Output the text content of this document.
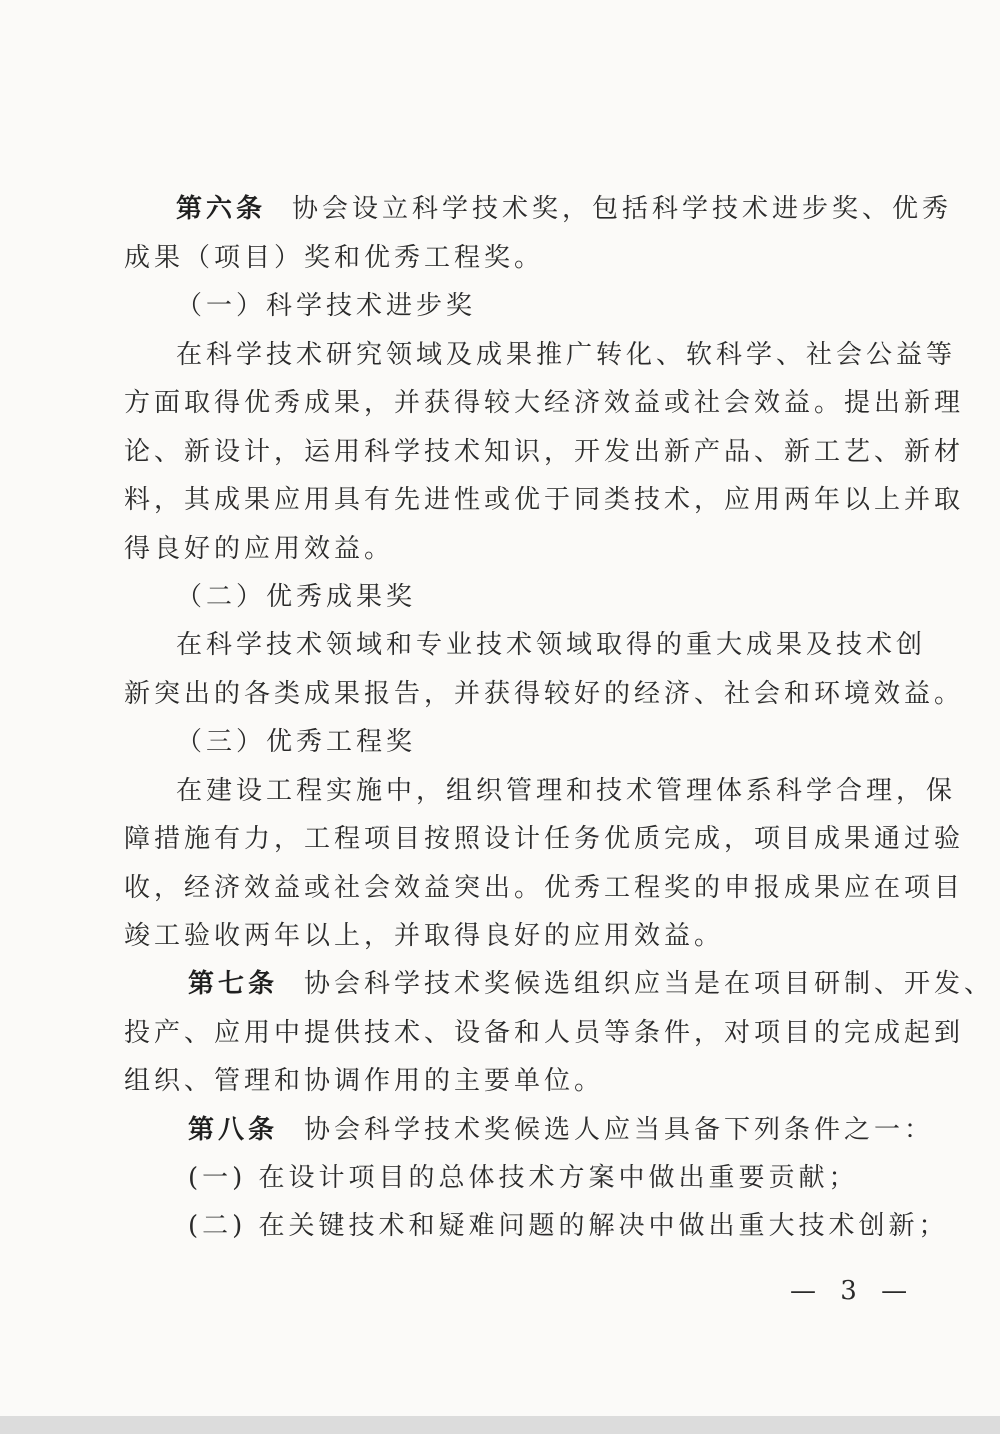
第六条 协会设立科学技术奖，包括科学技术进步奖、优秀
成果（项目）奖和优秀工程奖。
（一）科学技术进步奖
在科学技术研究领域及成果推广转化、软科学、社会公益等
方面取得优秀成果，并获得较大经济效益或社会效益。提出新理
论、新设计，运用科学技术知识，开发出新产品、新工艺、新材
料，其成果应用具有先进性或优于同类技术，应用两年以上并取
得良好的应用效益。
（二）优秀成果奖
在科学技术领域和专业技术领域取得的重大成果及技术创
新突出的各类成果报告，并获得较好的经济、社会和环境效益。
（三）优秀工程奖
在建设工程实施中，组织管理和技术管理体系科学合理，保
障措施有力，工程项目按照设计任务优质完成，项目成果通过验
收，经济效益或社会效益突出。优秀工程奖的申报成果应在项目
竣工验收两年以上，并取得良好的应用效益。
第七条 协会科学技术奖候选组织应当是在项目研制、开发、
投产、应用中提供技术、设备和人员等条件，对项目的完成起到
组织、管理和协调作用的主要单位。
第八条 协会科学技术奖候选人应当具备下列条件之一：
(一) 在设计项目的总体技术方案中做出重要贡献；
(二) 在关键技术和疑难问题的解决中做出重大技术创新；
— 3 —
